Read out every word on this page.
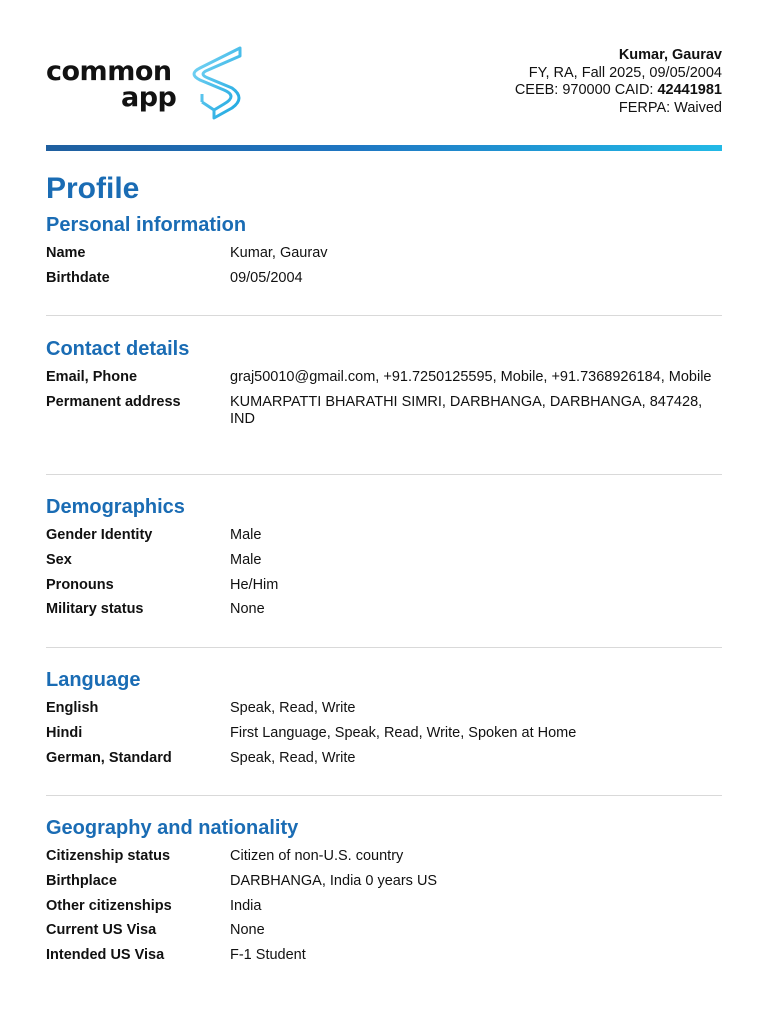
common
app
Kumar, Gaurav
FY, RA, Fall 2025, 09/05/2004
CEEB: 970000 CAID: 42441981
FERPA: Waived
Profile
Personal information
Name	Kumar, Gaurav
Birthdate	09/05/2004
Contact details
Email, Phone	graj50010@gmail.com, +91.7250125595, Mobile, +91.7368926184, Mobile
Permanent address	KUMARPATTI BHARATHI SIMRI, DARBHANGA, DARBHANGA, 847428, IND
Demographics
Gender Identity	Male
Sex	Male
Pronouns	He/Him
Military status	None
Language
English	Speak, Read, Write
Hindi	First Language, Speak, Read, Write, Spoken at Home
German, Standard	Speak, Read, Write
Geography and nationality
Citizenship status	Citizen of non-U.S. country
Birthplace	DARBHANGA, India 0 years US
Other citizenships	India
Current US Visa	None
Intended US Visa	F-1 Student
